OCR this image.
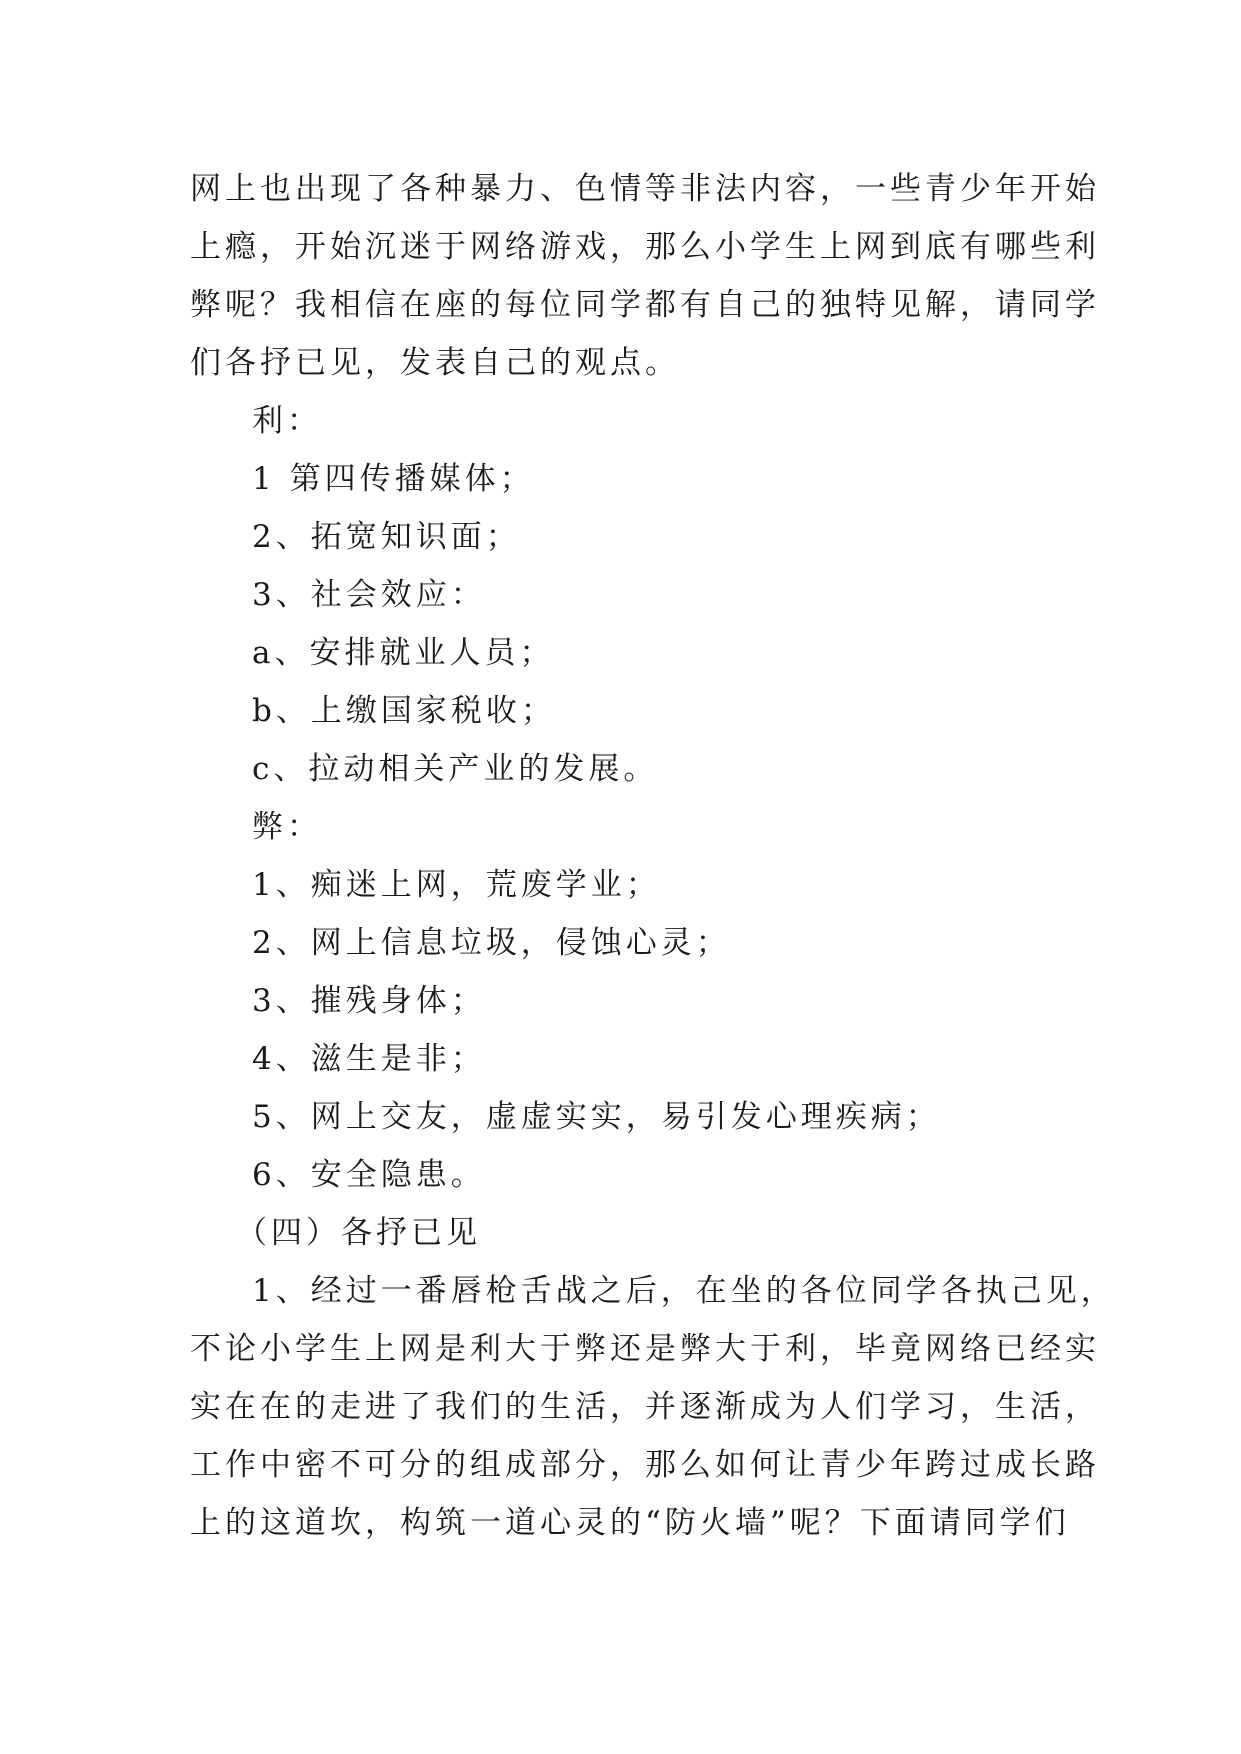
网上也出现了各种暴力、色情等非法内容，一些青少年开始
上瘾，开始沉迷于网络游戏，那么小学生上网到底有哪些利
弊呢？我相信在座的每位同学都有自己的独特见解，请同学
们各抒已见，发表自己的观点。
利：
1 第四传播媒体；
2、拓宽知识面；
3、社会效应：
a、安排就业人员；
b、上缴国家税收；
c、拉动相关产业的发展。
弊：
1、痴迷上网，荒废学业；
2、网上信息垃圾，侵蚀心灵；
3、摧残身体；
4、滋生是非；
5、网上交友，虚虚实实，易引发心理疾病；
6、安全隐患。
（四）各抒已见
1、经过一番唇枪舌战之后，在坐的各位同学各执己见，
不论小学生上网是利大于弊还是弊大于利，毕竟网络已经实
实在在的走进了我们的生活，并逐渐成为人们学习，生活，
工作中密不可分的组成部分，那么如何让青少年跨过成长路
上的这道坎，构筑一道心灵的“防火墙”呢？下面请同学们
